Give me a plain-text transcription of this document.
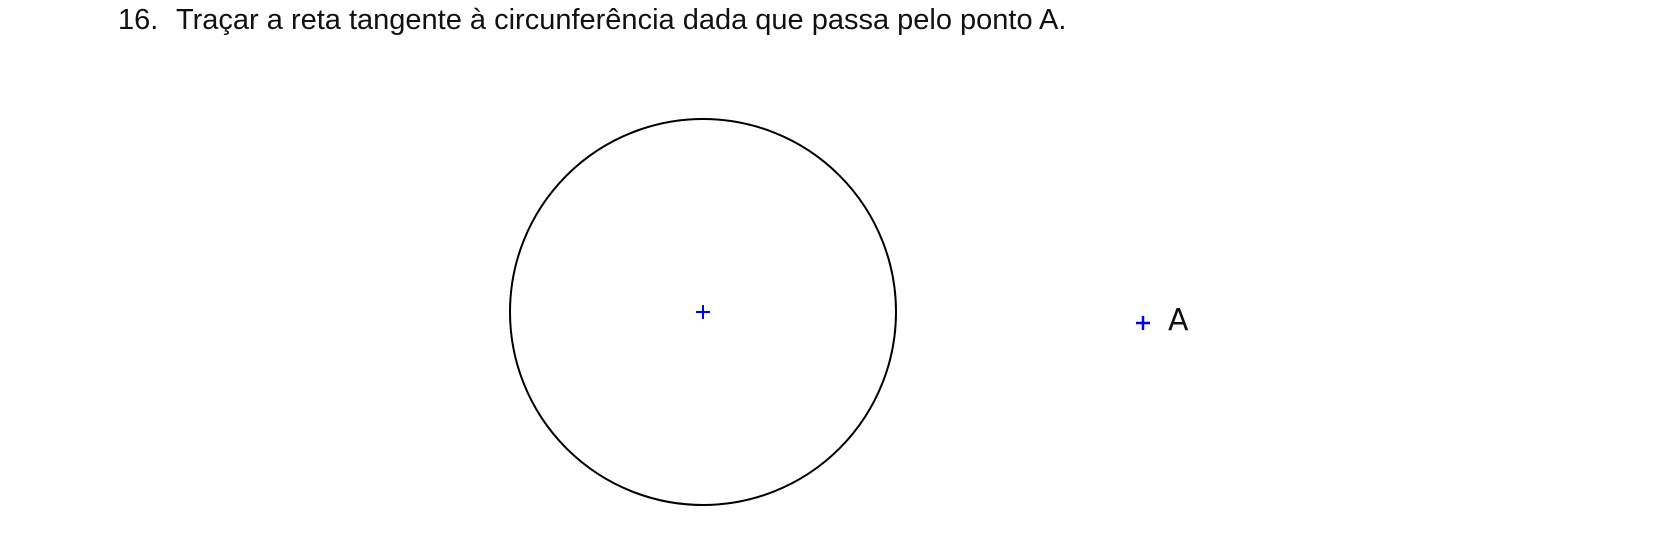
16. Traçar a reta tangente à circunferência dada que passa pelo ponto A.
A
